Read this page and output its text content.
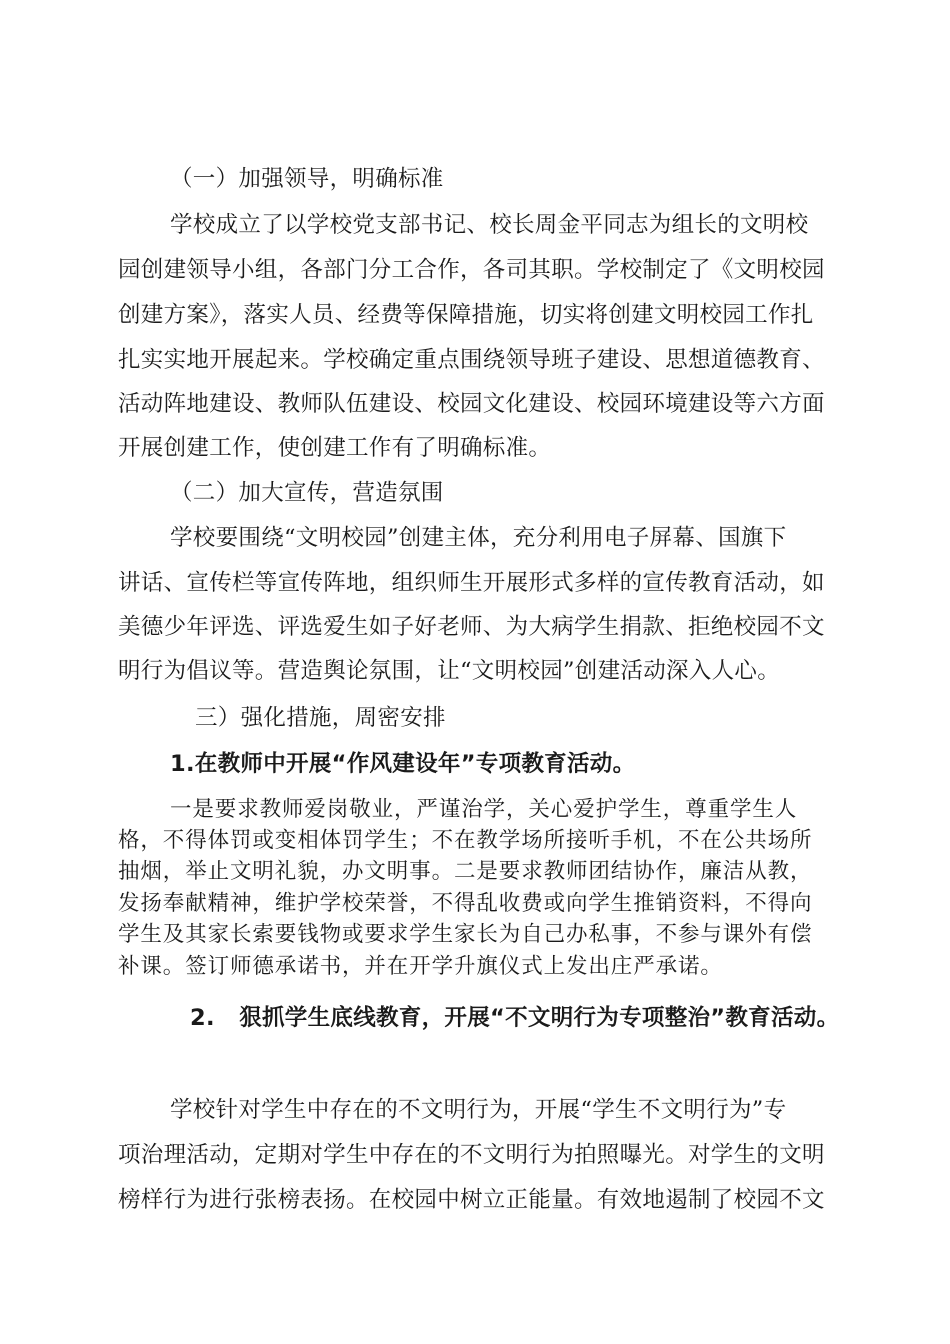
（一）加强领导，明确标准
学校成立了以学校党支部书记、校长周金平同志为组长的文明校
园创建领导小组，各部门分工合作，各司其职。学校制定了《文明校园
创建方案》，落实人员、经费等保障措施，切实将创建文明校园工作扎
扎实实地开展起来。学校确定重点围绕领导班子建设、思想道德教育、
活动阵地建设、教师队伍建设、校园文化建设、校园环境建设等六方面
开展创建工作，使创建工作有了明确标准。
（二）加大宣传，营造氛围
学校要围绕“文明校园”创建主体，充分利用电子屏幕、国旗下
讲话、宣传栏等宣传阵地，组织师生开展形式多样的宣传教育活动，如
美德少年评选、评选爱生如子好老师、为大病学生捐款、拒绝校园不文
明行为倡议等。营造舆论氛围，让“文明校园”创建活动深入人心。
三）强化措施，周密安排
1.在教师中开展“作风建设年”专项教育活动。
一是要求教师爱岗敬业，严谨治学，关心爱护学生，尊重学生人
格，不得体罚或变相体罚学生；不在教学场所接听手机，不在公共场所
抽烟，举止文明礼貌，办文明事。二是要求教师团结协作，廉洁从教，
发扬奉献精神，维护学校荣誉，不得乱收费或向学生推销资料，不得向
学生及其家长索要钱物或要求学生家长为自己办私事，不参与课外有偿
补课。签订师德承诺书，并在开学升旗仪式上发出庄严承诺。
2.   狠抓学生底线教育，开展“不文明行为专项整治”教育活动。
学校针对学生中存在的不文明行为，开展“学生不文明行为”专
项治理活动，定期对学生中存在的不文明行为拍照曝光。对学生的文明
榜样行为进行张榜表扬。在校园中树立正能量。有效地遏制了校园不文
